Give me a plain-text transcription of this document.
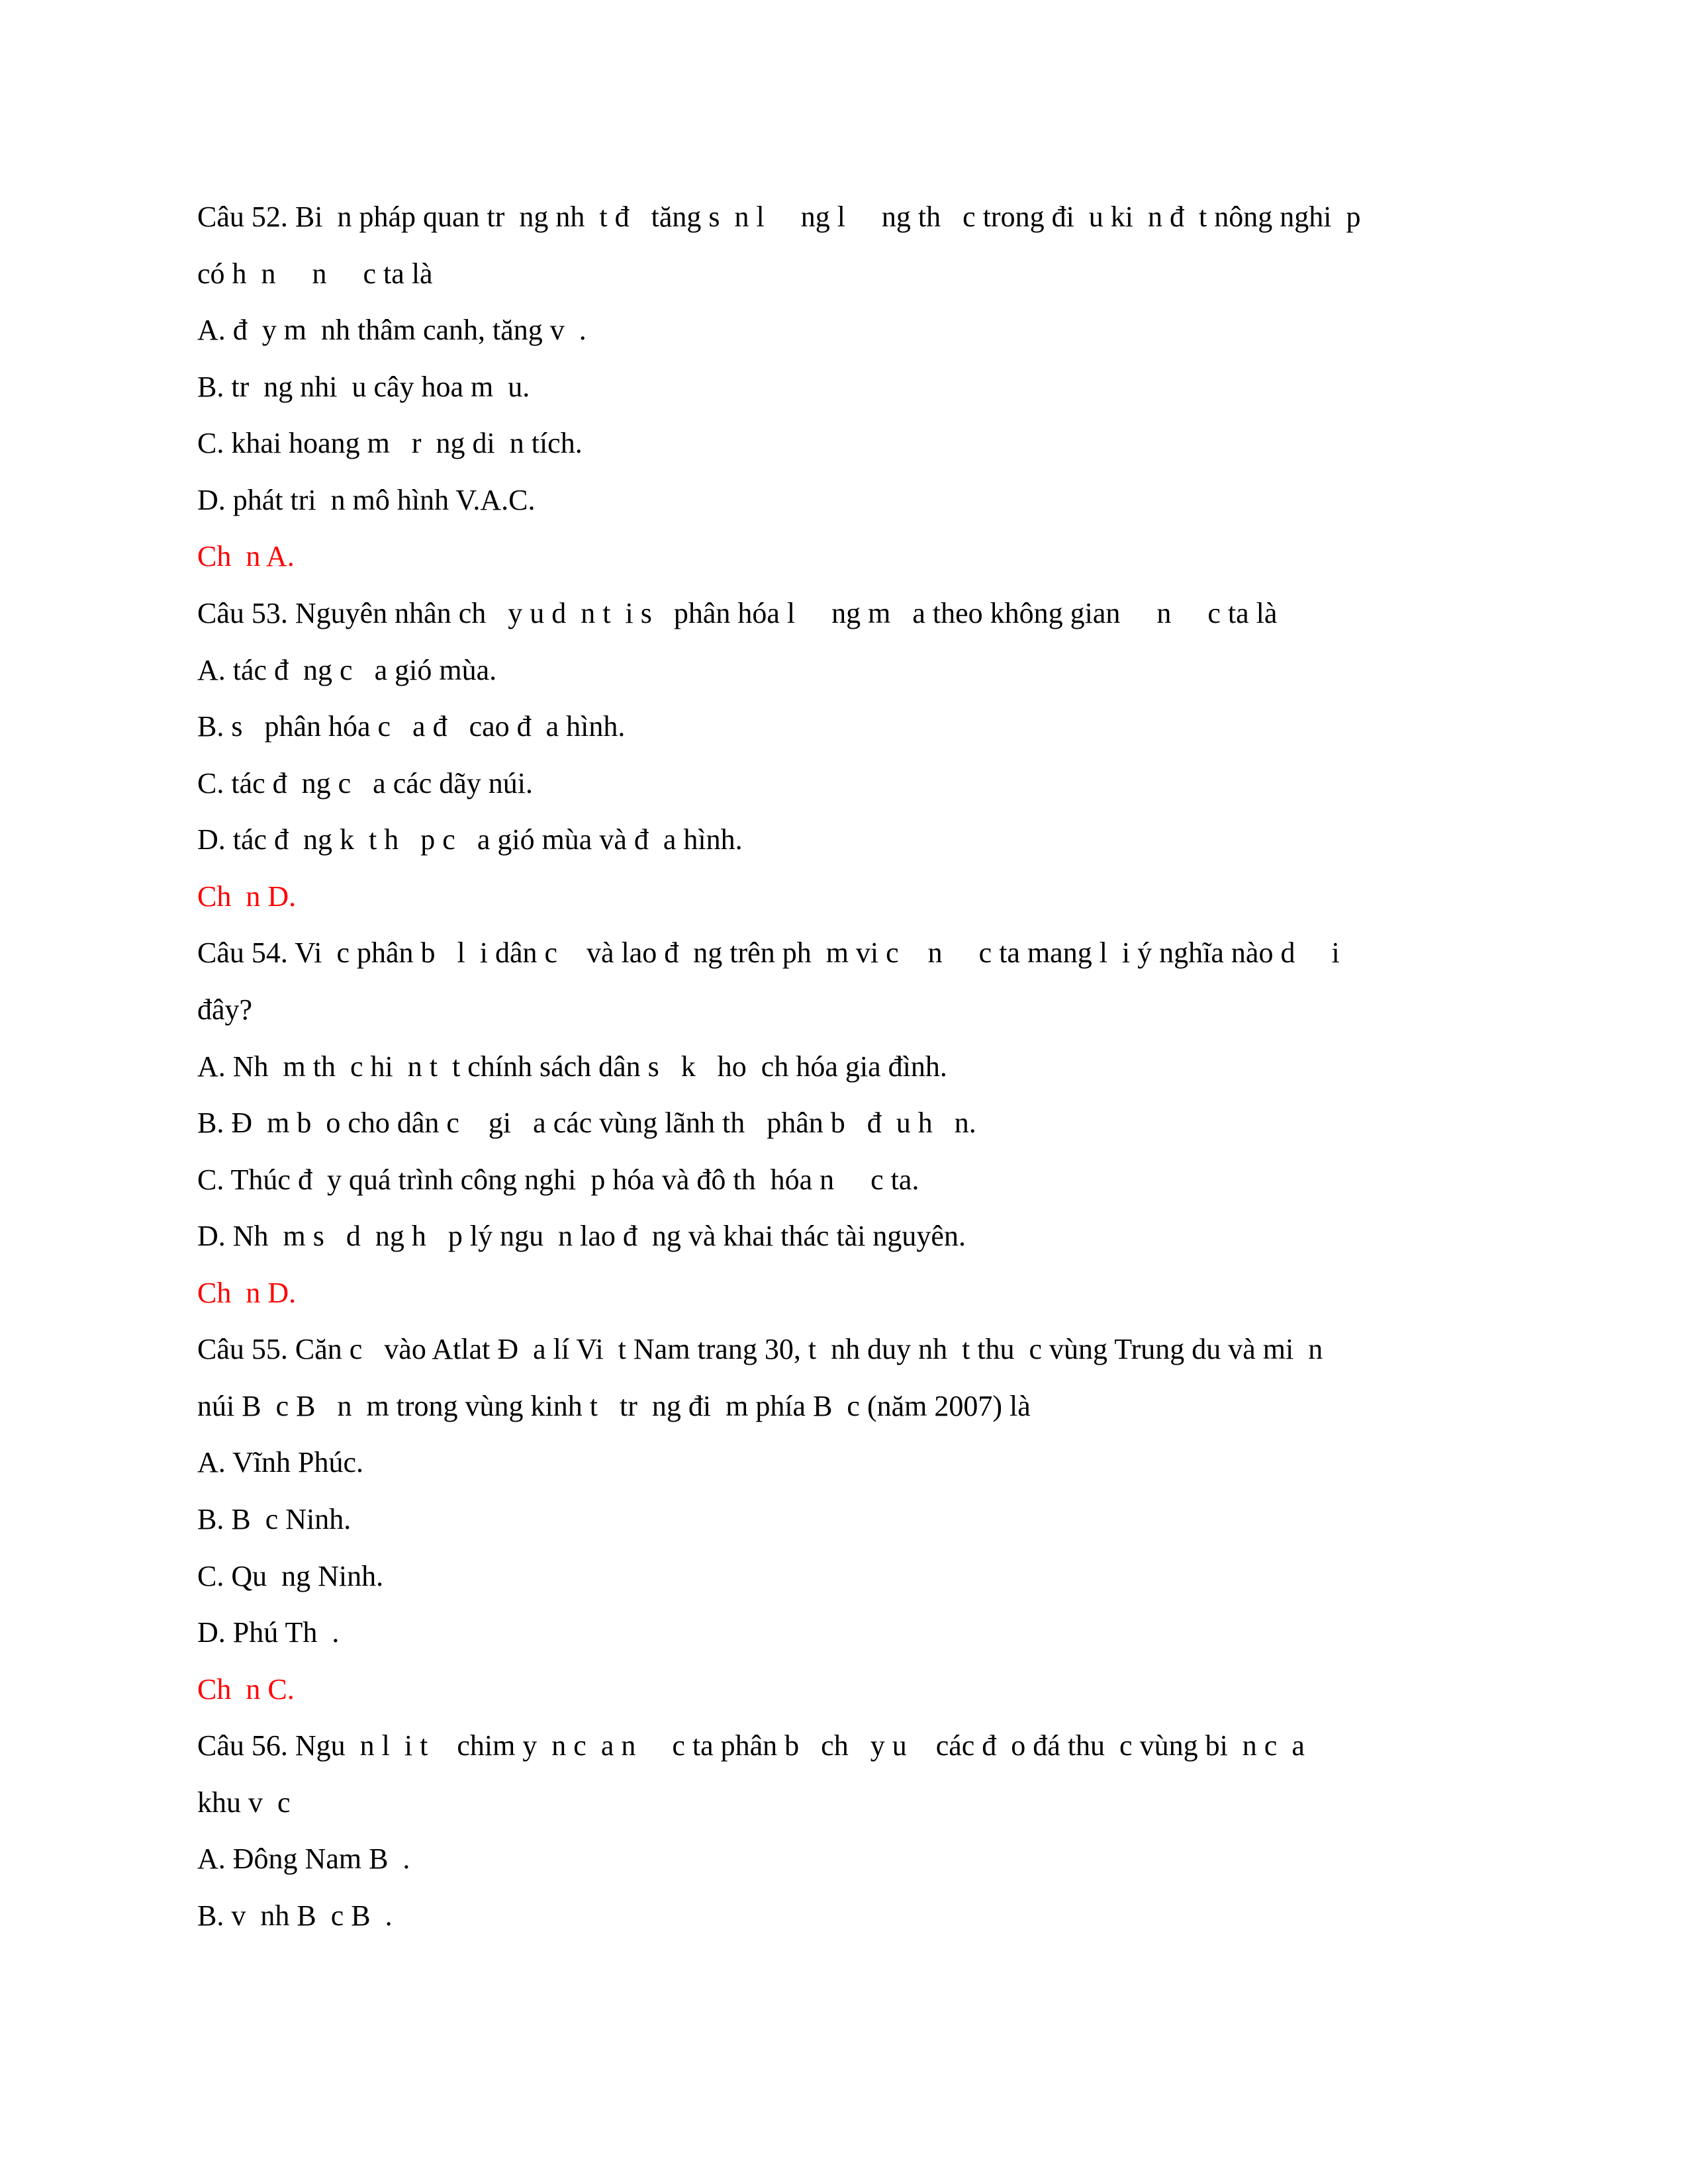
Câu 52. Bi  n pháp quan tr  ng nh  t đ   tăng s  n l     ng l     ng th   c trong đi  u ki  n đ  t nông nghi  p

có h  n     n     c ta là

A. đ  y m  nh thâm canh, tăng v  .

B. tr  ng nhi  u cây hoa m  u.

C. khai hoang m   r  ng di  n tích.

D. phát tri  n mô hình V.A.C.

Ch  n A.

Câu 53. Nguyên nhân ch   y u d  n t  i s   phân hóa l     ng m   a theo không gian     n     c ta là

A. tác đ  ng c   a gió mùa.

B. s   phân hóa c   a đ   cao đ  a hình.

C. tác đ  ng c   a các dãy núi.

D. tác đ  ng k  t h   p c   a gió mùa và đ  a hình.

Ch  n D.

Câu 54. Vi  c phân b   l  i dân c    và lao đ  ng trên ph  m vi c    n     c ta mang l  i ý nghĩa nào d     i

đây?

A. Nh  m th  c hi  n t  t chính sách dân s   k   ho  ch hóa gia đình.

B. Đ  m b  o cho dân c    gi   a các vùng lãnh th   phân b   đ  u h   n.

C. Thúc đ  y quá trình công nghi  p hóa và đô th  hóa n     c ta.

D. Nh  m s   d  ng h   p lý ngu  n lao đ  ng và khai thác tài nguyên.

Ch  n D.

Câu 55. Căn c   vào Atlat Đ  a lí Vi  t Nam trang 30, t  nh duy nh  t thu  c vùng Trung du và mi  n

núi B  c B   n  m trong vùng kinh t   tr  ng đi  m phía B  c (năm 2007) là

A. Vĩnh Phúc.

B. B  c Ninh.

C. Qu  ng Ninh.

D. Phú Th  .

Ch  n C.

Câu 56. Ngu  n l  i t    chim y  n c  a n     c ta phân b   ch   y u    các đ  o đá thu  c vùng bi  n c  a

khu v  c

A. Đông Nam B  .

B. v  nh B  c B  .
